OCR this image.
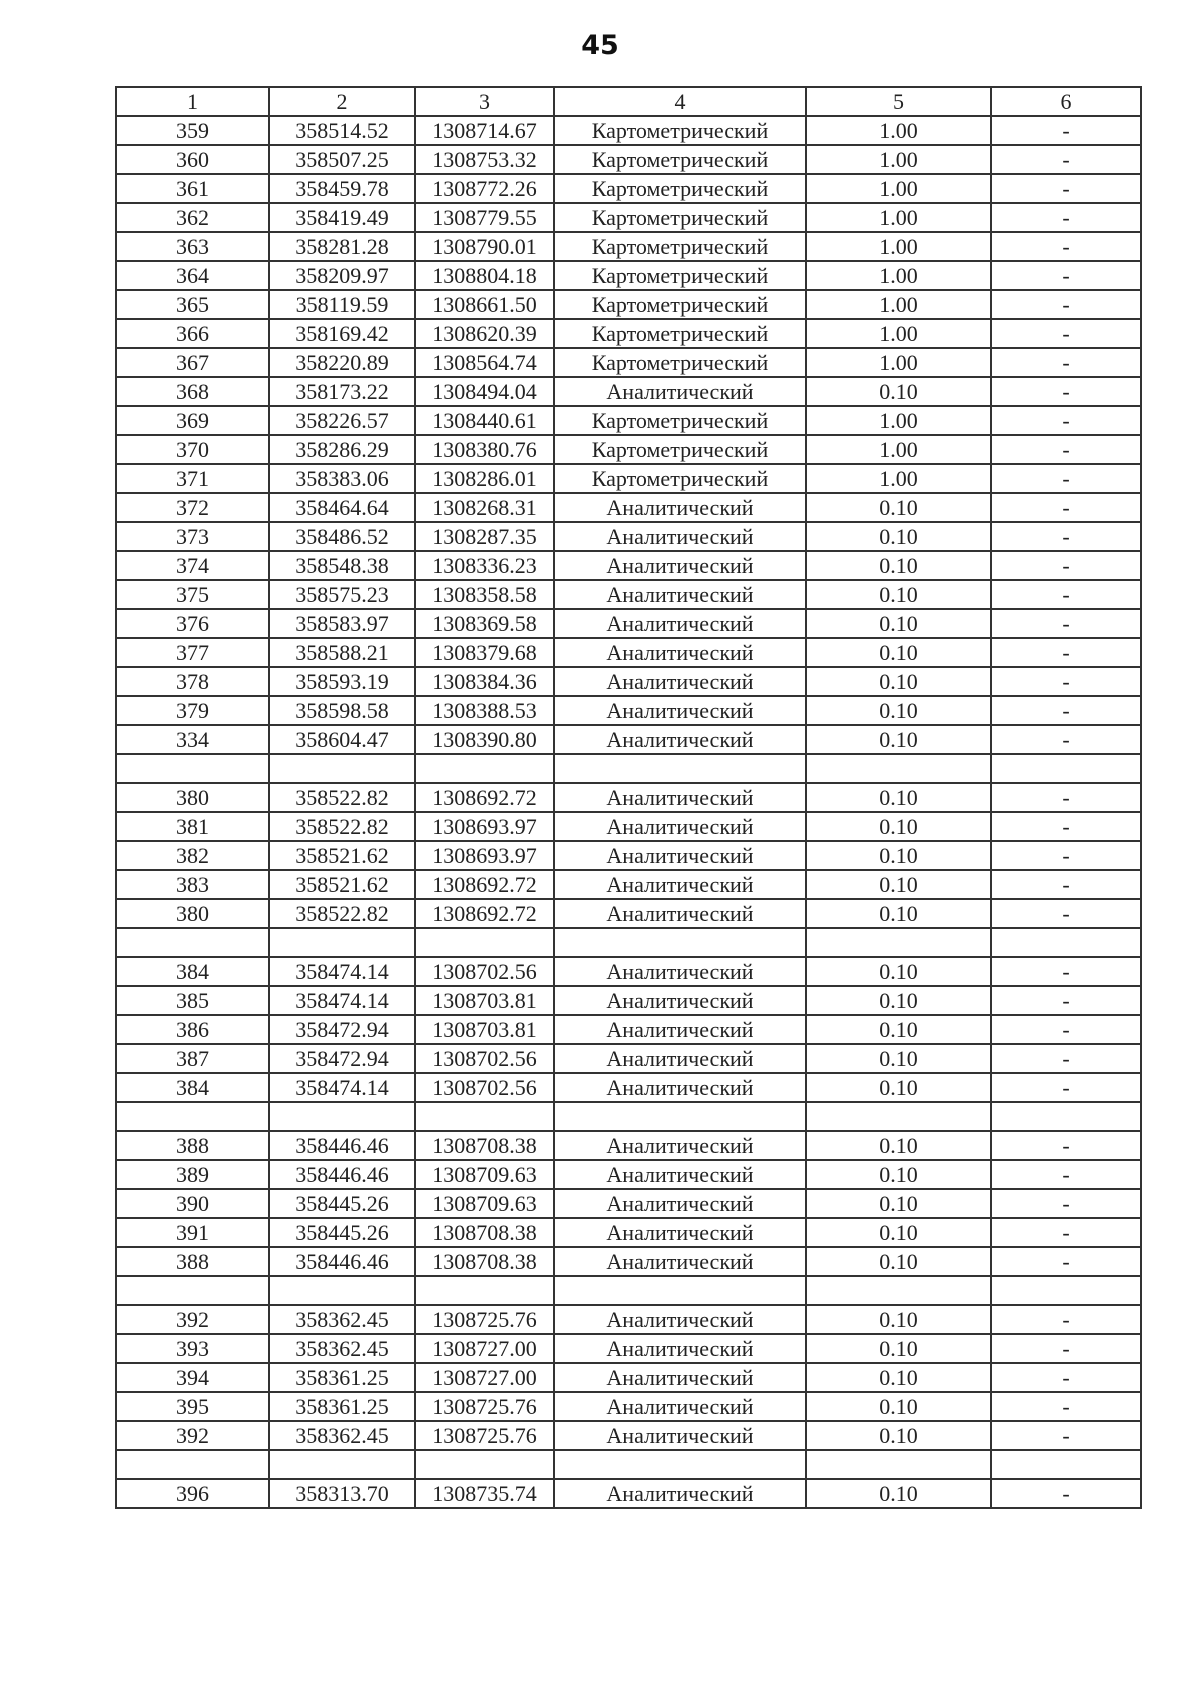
45
1	2	3	4	5	6
359	358514.52	1308714.67	Картометрический	1.00	-
360	358507.25	1308753.32	Картометрический	1.00	-
361	358459.78	1308772.26	Картометрический	1.00	-
362	358419.49	1308779.55	Картометрический	1.00	-
363	358281.28	1308790.01	Картометрический	1.00	-
364	358209.97	1308804.18	Картометрический	1.00	-
365	358119.59	1308661.50	Картометрический	1.00	-
366	358169.42	1308620.39	Картометрический	1.00	-
367	358220.89	1308564.74	Картометрический	1.00	-
368	358173.22	1308494.04	Аналитический	0.10	-
369	358226.57	1308440.61	Картометрический	1.00	-
370	358286.29	1308380.76	Картометрический	1.00	-
371	358383.06	1308286.01	Картометрический	1.00	-
372	358464.64	1308268.31	Аналитический	0.10	-
373	358486.52	1308287.35	Аналитический	0.10	-
374	358548.38	1308336.23	Аналитический	0.10	-
375	358575.23	1308358.58	Аналитический	0.10	-
376	358583.97	1308369.58	Аналитический	0.10	-
377	358588.21	1308379.68	Аналитический	0.10	-
378	358593.19	1308384.36	Аналитический	0.10	-
379	358598.58	1308388.53	Аналитический	0.10	-
334	358604.47	1308390.80	Аналитический	0.10	-

380	358522.82	1308692.72	Аналитический	0.10	-
381	358522.82	1308693.97	Аналитический	0.10	-
382	358521.62	1308693.97	Аналитический	0.10	-
383	358521.62	1308692.72	Аналитический	0.10	-
380	358522.82	1308692.72	Аналитический	0.10	-

384	358474.14	1308702.56	Аналитический	0.10	-
385	358474.14	1308703.81	Аналитический	0.10	-
386	358472.94	1308703.81	Аналитический	0.10	-
387	358472.94	1308702.56	Аналитический	0.10	-
384	358474.14	1308702.56	Аналитический	0.10	-

388	358446.46	1308708.38	Аналитический	0.10	-
389	358446.46	1308709.63	Аналитический	0.10	-
390	358445.26	1308709.63	Аналитический	0.10	-
391	358445.26	1308708.38	Аналитический	0.10	-
388	358446.46	1308708.38	Аналитический	0.10	-

392	358362.45	1308725.76	Аналитический	0.10	-
393	358362.45	1308727.00	Аналитический	0.10	-
394	358361.25	1308727.00	Аналитический	0.10	-
395	358361.25	1308725.76	Аналитический	0.10	-
392	358362.45	1308725.76	Аналитический	0.10	-

396	358313.70	1308735.74	Аналитический	0.10	-
